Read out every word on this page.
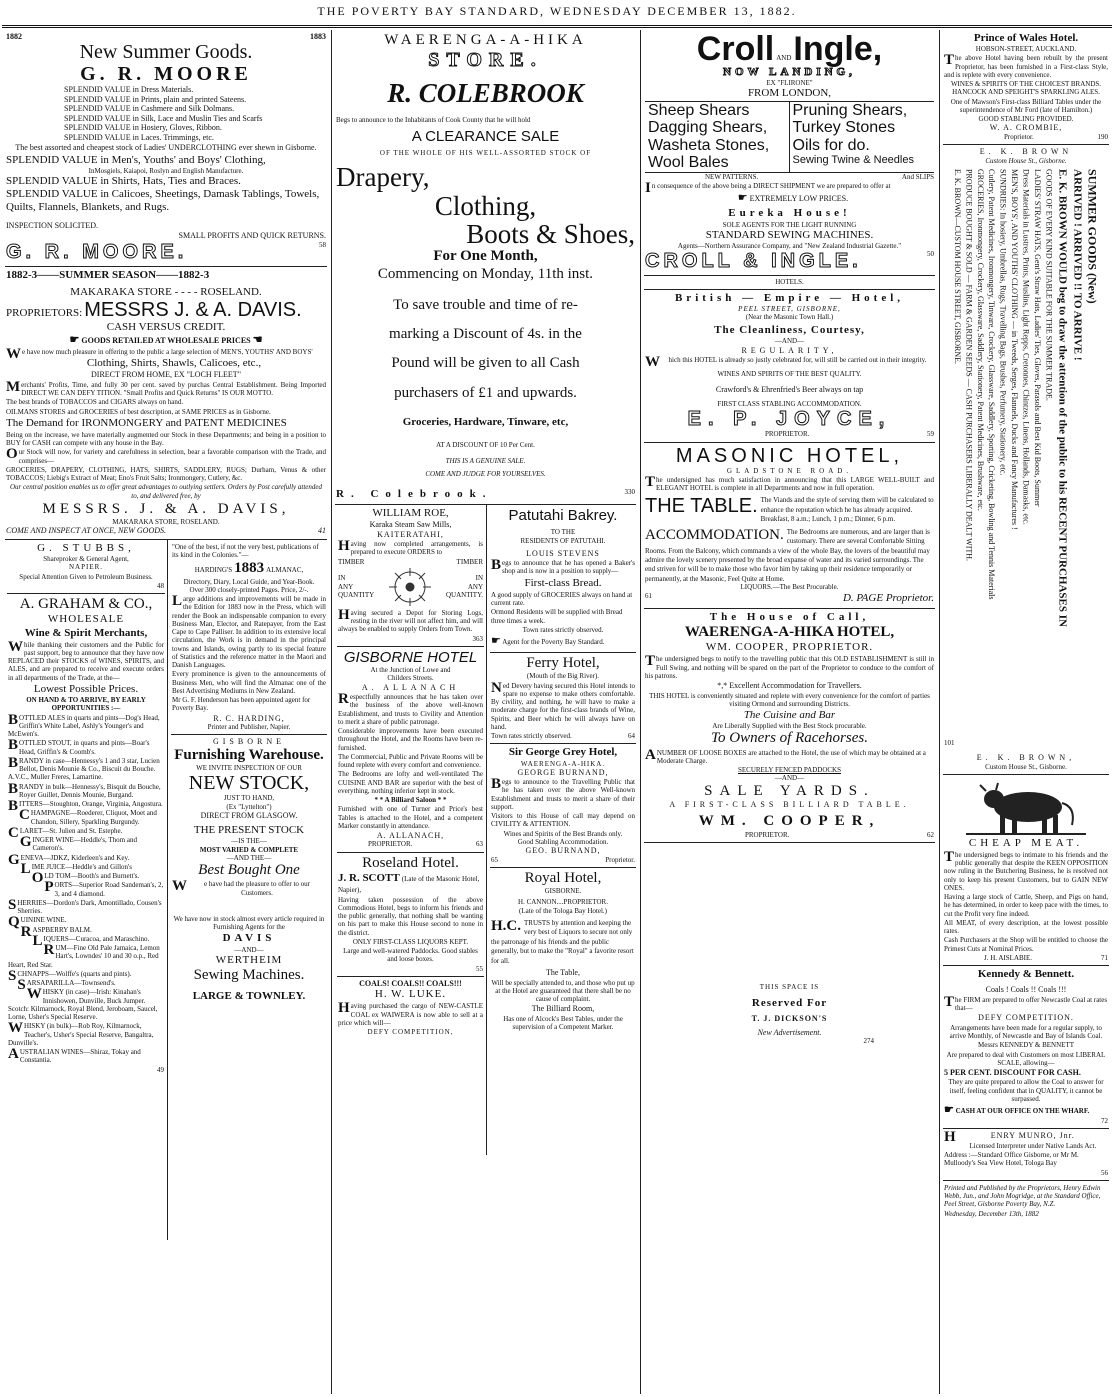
THE POVERTY BAY STANDARD, WEDNESDAY DECEMBER 13, 1882.
1882	1883
New Summer Goods.
G. R. MOORE
SPLENDID VALUE in Dress Materials.
SPLENDID VALUE in Prints, plain and printed Sateens.
SPLENDID VALUE in Cashmere and Silk Dolmans.
SPLENDID VALUE in Silk, Lace and Muslin Ties and Scarfs
SPLENDID VALUE in Hosiery, Gloves, Ribbon.
SPLENDID VALUE in Laces. Trimmings, etc.

The best assorted and cheapest stock of Ladies' UNDERCLOTHING ever shewn in Gisborne.

SPLENDID VALUE in Men's, Youths' and Boys' Clothing,
InMosgiels, Kaiapoi, Roslyn and English Manufacture.
SPLENDID VALUE in Shirts, Hats, Ties and Braces.
SPLENDID VALUE in Calicoes, Sheetings, Damask Tablings, Towels, Quilts, Flannels, Blankets, and Rugs.

INSPECTION SOLICITED.

SMALL PROFITS AND QUICK RETURNS.

G. R. MOORE.	58
1882-3——SUMMER SEASON——1882-3
MAKARAKA STORE - - - - ROSELAND.
PROPRIETORS: MESSRS J. & A. DAVIS.
CASH VERSUS CREDIT.
☛ GOODS RETAILED AT WHOLESALE PRICES ☚

We have now much pleasure in offering to the public a large selection of MEN'S, YOUTHS' AND BOYS'

Clothing, Shirts, Shawls, Calicoes, etc.,
DIRECT FROM HOME, EX "LOCH FLEET"

Merchants' Profits, Time, and fully 30 per cent. saved by purchas Central Establishment. Being Imported DIRECT WE CAN DEFY TITION. "Small Profits and Quick Returns" IS OUR MOTTO.

The best brands of TOBACCOS and CIGARS always on hand.

OILMANS STORES and GROCERIES of best description, at SAME PRICES as in Gisborne.

The Demand for IRONMONGERY and PATENT MEDICINES

Being on the increase, we have materially augmented our Stock in these Departments; and being in a position to BUY for CASH can compete with any house in the Bay.

Our Stock will now, for variety and carefulness in selection, bear a favorable comparison with the Trade, and comprises—

GROCERIES, DRAPERY, CLOTHING, HATS, SHIRTS, SADDLERY, RUGS; Durham, Venus & other TOBACCOS; Liebig's Extract of Meat; Eno's Fruit Salts; Ironmongery, Cutlery, &c.

Our central position enables us to offer great advantages to outlying settlers. Orders by Post carefully attended to, and delivered free, by

MESSRS. J. & A. DAVIS,
MAKARAKA STORE, ROSELAND.
COME AND INSPECT AT ONCE, NEW GOODS.	41
G. STUBBS,
Shareproker & General Agent,
NAPIER.

Special Attention Given to Petroleum Business.

48
A. GRAHAM & CO.,
WHOLESALE
Wine & Spirit Merchants,

While thanking their customers and the Public for past support, beg to announce that they have now REPLACED their STOCKS of WINES, SPIRITS, and ALES, and are prepared to receive and execute orders in all departments of the Trade, at the—

Lowest Possible Prices.
ON HAND & TO ARRIVE, BY EARLY OPPORTUNITIES :—

BOTTLED ALES in quarts and pints—Dog's Head, Griffin's White Label, Ashly's Younger's and McEwen's.

BOTTLED STOUT, in quarts and pints—Boar's Head, Griffin's & Coomb's.

BRANDY in case—Hennessy's 1 and 3 star, Lucien Bellot, Denis Mounie & Co., Biscuit du Bouche. A.V.C., Muller Freres, Lamartine.

BRANDY in bulk—Hennessy's, Bisquit du Bouche, Royer Guillet, Dennis Mounie, Burgand.

BITTERS—Stoughton, Orange, Virginia, Angostura.

CHAMPAGNE—Roederer, Cliquot, Moet and Chandon, Sillery, Sparkling Burgundy.

CLARET—St. Julien and St. Estephe.

GINGER WINE—Heddle's, Thom and Cameron's.

GENEVA—JDKZ, Kiderleen's and Key.

LIME JUICE—Heddle's and Gillon's

OLD TOM—Booth's and Burnett's.

PORTS—Superior Road Sandeman's, 2, 3, and 4 diamond.

SHERRIES—Dordon's Dark, Amontillado, Cousen's Sherries.

QUININE WINE.

RASPBERRY BALM.

LIQUERS—Curacoa, and Maraschino.

RUM—Fine Old Pale Jamaica, Lemon Hart's, Lowndes' 10 and 30 o.p., Red Heart, Red Star.

SCHNAPPS—Wolffe's (quarts and pints).

SARSAPARILLA—Townsend's.

WHISKY (in case)—Irish: Kinahan's Innishowen, Dunville, Buck Jumper. Scotch: Kilmarnock, Royal Blend, Jeroboam, Saucel, Lorne, Usher's Special Reserve.

WHISKY (in bulk)—Rob Roy, Kilmarnock, Teacher's, Usher's Special Reserve, Bangaltra, Dunville's.

AUSTRALIAN WINES—Shiraz, Tokay and Constantia.

49

"One of the best, if not the very best, publications of its kind in the Colonies."—

HARDING'S 1883 ALMANAC,
Directory, Diary, Local Guide, and Year-Book.
Over 300 closely-printed Pages. Price, 2/-.

Large additions and improvements will be made in the Edition for 1883 now in the Press, which will render the Book an indispensable companion to every Business Man, Elector, and Ratepayer, from the East Cape to Cape Palliser. In addition to its extensive local circulation, the Work is in demand in the principal towns and Islands, owing partly to its special feature of Statistics and the reference matter in the Maori and Danish Languages.

Every prominence is given to the announcements of Business Men, who will find the Almanac one of the Best Advertising Mediums in New Zealand.

Mr G. F. Henderson has been appointed agent for Poverty Bay.

R. C. HARDING,
Printer and Publisher, Napier.
GISBORNE
Furnishing Warehouse.
WE INVITE INSPECTION OF OUR
NEW STOCK,
JUST TO HAND,
(Ex "Lyttelton")
DIRECT FROM GLASGOW.
THE PRESENT STOCK
—IS THE—
MOST VARIED & COMPLETE
—AND THE—
Best Bought One

We have had the pleasure to offer to our Customers.

We have now in stock almost every article required in Furnishing Agents for the

DAVIS
—AND—
WERTHEIM
Sewing Machines.
LARGE & TOWNLEY.
WAERENGA-A-HIKA
STORE.
R. COLEBROOK

Begs to announce to the Inhabitants of Cook County that he will hold

A CLEARANCE SALE
OF THE WHOLE OF HIS WELL-ASSORTED STOCK OF
Drapery,
Clothing,
Boots & Shoes,
For One Month,
Commencing on Monday, 11th inst.
To save trouble and time of re-
marking a Discount of 4s. in the
Pound will be given to all Cash
purchasers of £1 and upwards.
Groceries, Hardware, Tinware, etc,
AT A DISCOUNT OF 10 Per Cent.
THIS IS A GENUINE SALE.
COME AND JUDGE FOR YOURSELVES.
R. Colebrook.	330
WILLIAM ROE,
Karaka Steam Saw Mills,
KAITERATAHI,

Having now completed arrangements, is prepared to execute ORDERS to

TIMBER	TIMBER
IN
ANY
QUANTITY
IN
ANY
QUANTITY.

Having secured a Depot for Storing Logs, resting in the river will not affect him, and will always be enabled to supply Orders from Town.

363
GISBORNE HOTEL
At the Junction of Lowe and
Childers Streets.
A. ALLANACH

Respectfully announces that he has taken over the business of the above well-known Establishment, and trusts to Civility and Attention to merit a share of public patronage.

Considerable improvements have been executed throughout the Hotel, and the Rooms have been re-furnished.

The Commercial, Public and Private Rooms will be found replete with every comfort and convenience.

The Bedrooms are lofty and well-ventilated The CUISINE AND BAR are superior with the best of everything, nothing inferior kept in stock.

* * A Billiard Saloon * *

Furnished with one of Turner and Price's best Tables is attached to the Hotel, and a competent Marker constantly in attendance.

A. ALLANACH,
PROPRIETOR.	63
Roseland Hotel.
J. R. SCOTT (Late of the Masonic Hotel, Napier),

Having taken possession of the above Commodious Hotel, begs to inform his friends and the public generally, that nothing shall be wanting on his part to make this House second to none in the district.

ONLY FIRST-CLASS LIQUORS KEPT.

Large and well-watered Paddocks. Good stables and loose boxes.

55
COALS! COALS!! COALS!!!
H. W. LUKE.

Having purchased the cargo of NEW-CASTLE COAL ex WAIWERA is now able to sell at a price which will—

DEFY COMPETITION,
Patutahi Bakrey.
TO THE
RESIDENTS OF PATUTAHI.
LOUIS STEVENS

Begs to announce that he has opened a Baker's shop and is now in a position to supply—

First-class Bread.

A good supply of GROCERIES always on hand at current rate.

Ormond Residents will be supplied with Bread three times a week.

Town rates strictly observed.

☛ Agent for the Poverty Bay Standard.

Ferry Hotel,
(Mouth of the Big River).

Ned Devery having secured this Hotel intends to spare no expense to make others comfortable. By civility, and nothing, he will have to make a moderate charge for the first-class brands of Wine, Spirits, and Beer which he will always have on hand.

Town rates strictly observed.	64
Sir George Grey Hotel,
WAERENGA-A-HIKA.
GEORGE BURNAND,

Begs to announce to the Travelling Public that he has taken over the above Well-known Establishment and trusts to merit a share of their support.

Visitors to this House of call may depend on CIVILITY & ATTENTION.

Wines and Spirits of the Best Brands only.
Good Stabling Accommodation.
GEO. BURNAND,
65	Proprietor.
Royal Hotel,
GISBORNE.
H. CANNON....PROPRIETOR.
(Late of the Tologa Bay Hotel.)
H.C. TRUSTS by attention and keeping the very best of Liquors to secure not only the patronage of his friends and the public generally, but to make the "Royal" a favorite resort for all.
The Table,

Will be specially attended to, and those who put up at the Hotel are guaranteed that there shall be no cause of complaint.

The Billiard Room,

Has one of Alcock's Best Tables, under the supervision of a Competent Marker.

Croll AND Ingle,
NOW LANDING,
EX "FLIRONE"
FROM LONDON,
Sheep Shears	Pruning Shears,
Dagging Shears,	Turkey Stones
Washeta Stones,	Oils for do.
Wool Bales	Sewing Twine & Needles
NEW PATTERNS.	And SLIPS

In consequence of the above being a DIRECT SHIPMENT we are prepared to offer at

☛ EXTREMELY LOW PRICES.
Eureka House!
SOLE AGENTS FOR THE LIGHT RUNNING
STANDARD SEWING MACHINES.
Agents—Northern Assurance Company, and "New Zealand Industrial Gazette."
CROLL & INGLE.	50
HOTELS.
British — Empire — Hotel,
PEEL STREET, GISBORNE,
(Near the Masonic Town Hall.)
The Cleanliness, Courtesy,
—AND—
REGULARITY,

Which this HOTEL is already so justly celebrated for, will still be carried out in their integrity.

WINES AND SPIRITS OF THE BEST QUALITY.
Crawford's & Ehrenfried's Beer always on tap
FIRST CLASS STABLING ACCOMMODATION.
E. P. JOYCE,
PROPRIETOR.	59
MASONIC HOTEL,
GLADSTONE ROAD.

The undersigned has much satisfaction in announcing that this LARGE WELL-BUILT and ELEGANT HOTEL is complete in all Departments and now in full operation.

THE TABLE. The Viands and the style of serving them will be calculated to enhance the reputation which he has already acquired. Breakfast, 8 a.m.; Lunch, 1 p.m.; Dinner, 6 p.m.
ACCOMMODATION. The Bedrooms are numerous, and are larger than is customary. There are several Comfortable Sitting Rooms. From the Balcony, which commands a view of the whole Bay, the lovers of the beautiful may admire the lovely scenery presented by the broad expanse of water and its varied surroundings. The end striven for will be to make those who favor him by taking up their residence temporarily or permanently, at the Masonic, Feel Quite at Home.
LIQUORS.—The Best Procurable.
61	D. PAGE Proprietor.
The House of Call,
WAERENGA-A-HIKA HOTEL,
WM. COOPER, PROPRIETOR.

The undersigned begs to notify to the travelling public that this OLD ESTABLISHMENT is still in Full Swing, and nothing will be spared on the part of the Proprietor to conduce to the comfort of his patrons.

*,* Excellent Accommodation for Travellers.

THIS HOTEL is conveniently situated and replete with every convenience for the comfort of parties visiting Ormond and surrounding Districts.

The Cuisine and Bar
Are Liberally Supplied with the Best Stock procurable.
To Owners of Racehorses.

ANUMBER OF LOOSE BOXES are attached to the Hotel, the use of which may be obtained at a Moderate Charge.

SECURELY FENCED PADDOCKS
—AND—
SALE YARDS.
A FIRST-CLASS BILLIARD TABLE.
WM. COOPER,
PROPRIETOR.	62
THIS SPACE IS
Reserved For
T. J. DICKSON'S
New Advertisement.
274
Prince of Wales Hotel.
HOBSON-STREET, AUCKLAND.

The above Hotel having been rebuilt by the present Proprietor, has been furnished in a First-class Style, and is replete with every convenience.

WINES & SPIRITS OF THE CHOICEST BRANDS.
HANCOCK AND SPEIGHT'S SPARKLING ALES.

One of Mawson's First-class Billiard Tables under the superintendence of Mr Ford (late of Hamilton.)

GOOD STABLING PROVIDED.
W. A. CROMBIE,
Proprietor.	190
E. K. BROWN
Custom House St., Gisborne.
E. K. BROWN—CUSTOM HOUSE STREET, GISBORNE. PRODUCE BOUGHT & SOLD — FARM & GARDEN SEEDS — CASH PURCHASERS LIBERALLY DEALT WITH. GROCERIES, Ironmongery, Crockery, Glassware, Saddlery, Stationery, Patent Medicines, Brushware, etc. Cutlery, Patent Medicines, Ironmongery, Tinware, Crockery, Glassware, Saddlery, Sporting, Cricketing, Bowling and Tennis Materials SUNDRIES: In hosiery, Umbrellas, Rugs, Travelling Bags, Brushes, Perfumery, Stationery, etc. MEN'S, BOYS', AND YOUTHS' CLOTHING — in Tweeds, Serges, Flannels, Ducks and Fancy Manufactures ! Dress Materials in Lustres, Prints, Muslins, Light Repps, Cretonnes, Chintzes, Linens, Hollands, Damasks, etc. LADIES' STRAW HATS, Gent's Straw Hats, Ladies' Ties, Gloves, Parasols and Best Kid Boots, Summer GOODS OF EVERY KIND SUITABLE FOR THE SUMMER TRADE. E. K. BROWN WOULD beg to draw the attention of the public to his RECENT PURCHASES IN ARRIVED ! ARRIVED !! TO ARRIVE ! SUMMER GOODS (New)
101
E. K. BROWN,
Custom House St., Gisborne.
CHEAP MEAT.

The undersigned begs to intimate to his friends and the public generally that despite the KEEN OPPOSITION now ruling in the Butchering Business, he is resolved not only to keep his present Customers, but to GAIN NEW ONES.

Having a large stock of Cattle, Sheep, and Pigs on hand, he has determined, in order to keep pace with the times, to cut the Profit very fine indeed.

All MEAT, of every description, at the lowest possible rates.

Cash Purchasers at the Shop will be entitled to choose the Primest Cuts at Nominal Prices.

J. H. AISLABIE.	71
Kennedy & Bennett.
Coals ! Coals !! Coals !!!

The FIRM are prepared to offer Newcastle Coal at rates that—

DEFY COMPETITION.

Arrangements have been made for a regular supply, to arrive Monthly, of Newcastle and Bay of Islands Coal.

Messrs KENNEDY & BENNETT

Are prepared to deal with Customers on most LIBERAL SCALE, allowing—

5 PER CENT. DISCOUNT FOR CASH.

They are quite prepared to allow the Coal to answer for itself, feeling confident that in QUALITY, it cannot be surpassed.

☛ CASH AT OUR OFFICE ON THE WHARF.
72
HENRY MUNRO, Jnr.

Licensed Interpreter under Native Lands Act.

Address :—Standard Office Gisborne, or Mr M. Mulloody's Sea View Hotel, Tologa Bay

56

Printed and Published by the Proprietors, Henry Edwin Webb, Jun., and John Mogridge, at the Standard Office, Peel Street, Gisborne Poverty Bay, N.Z.

Wednesday, December 13th, 1882
